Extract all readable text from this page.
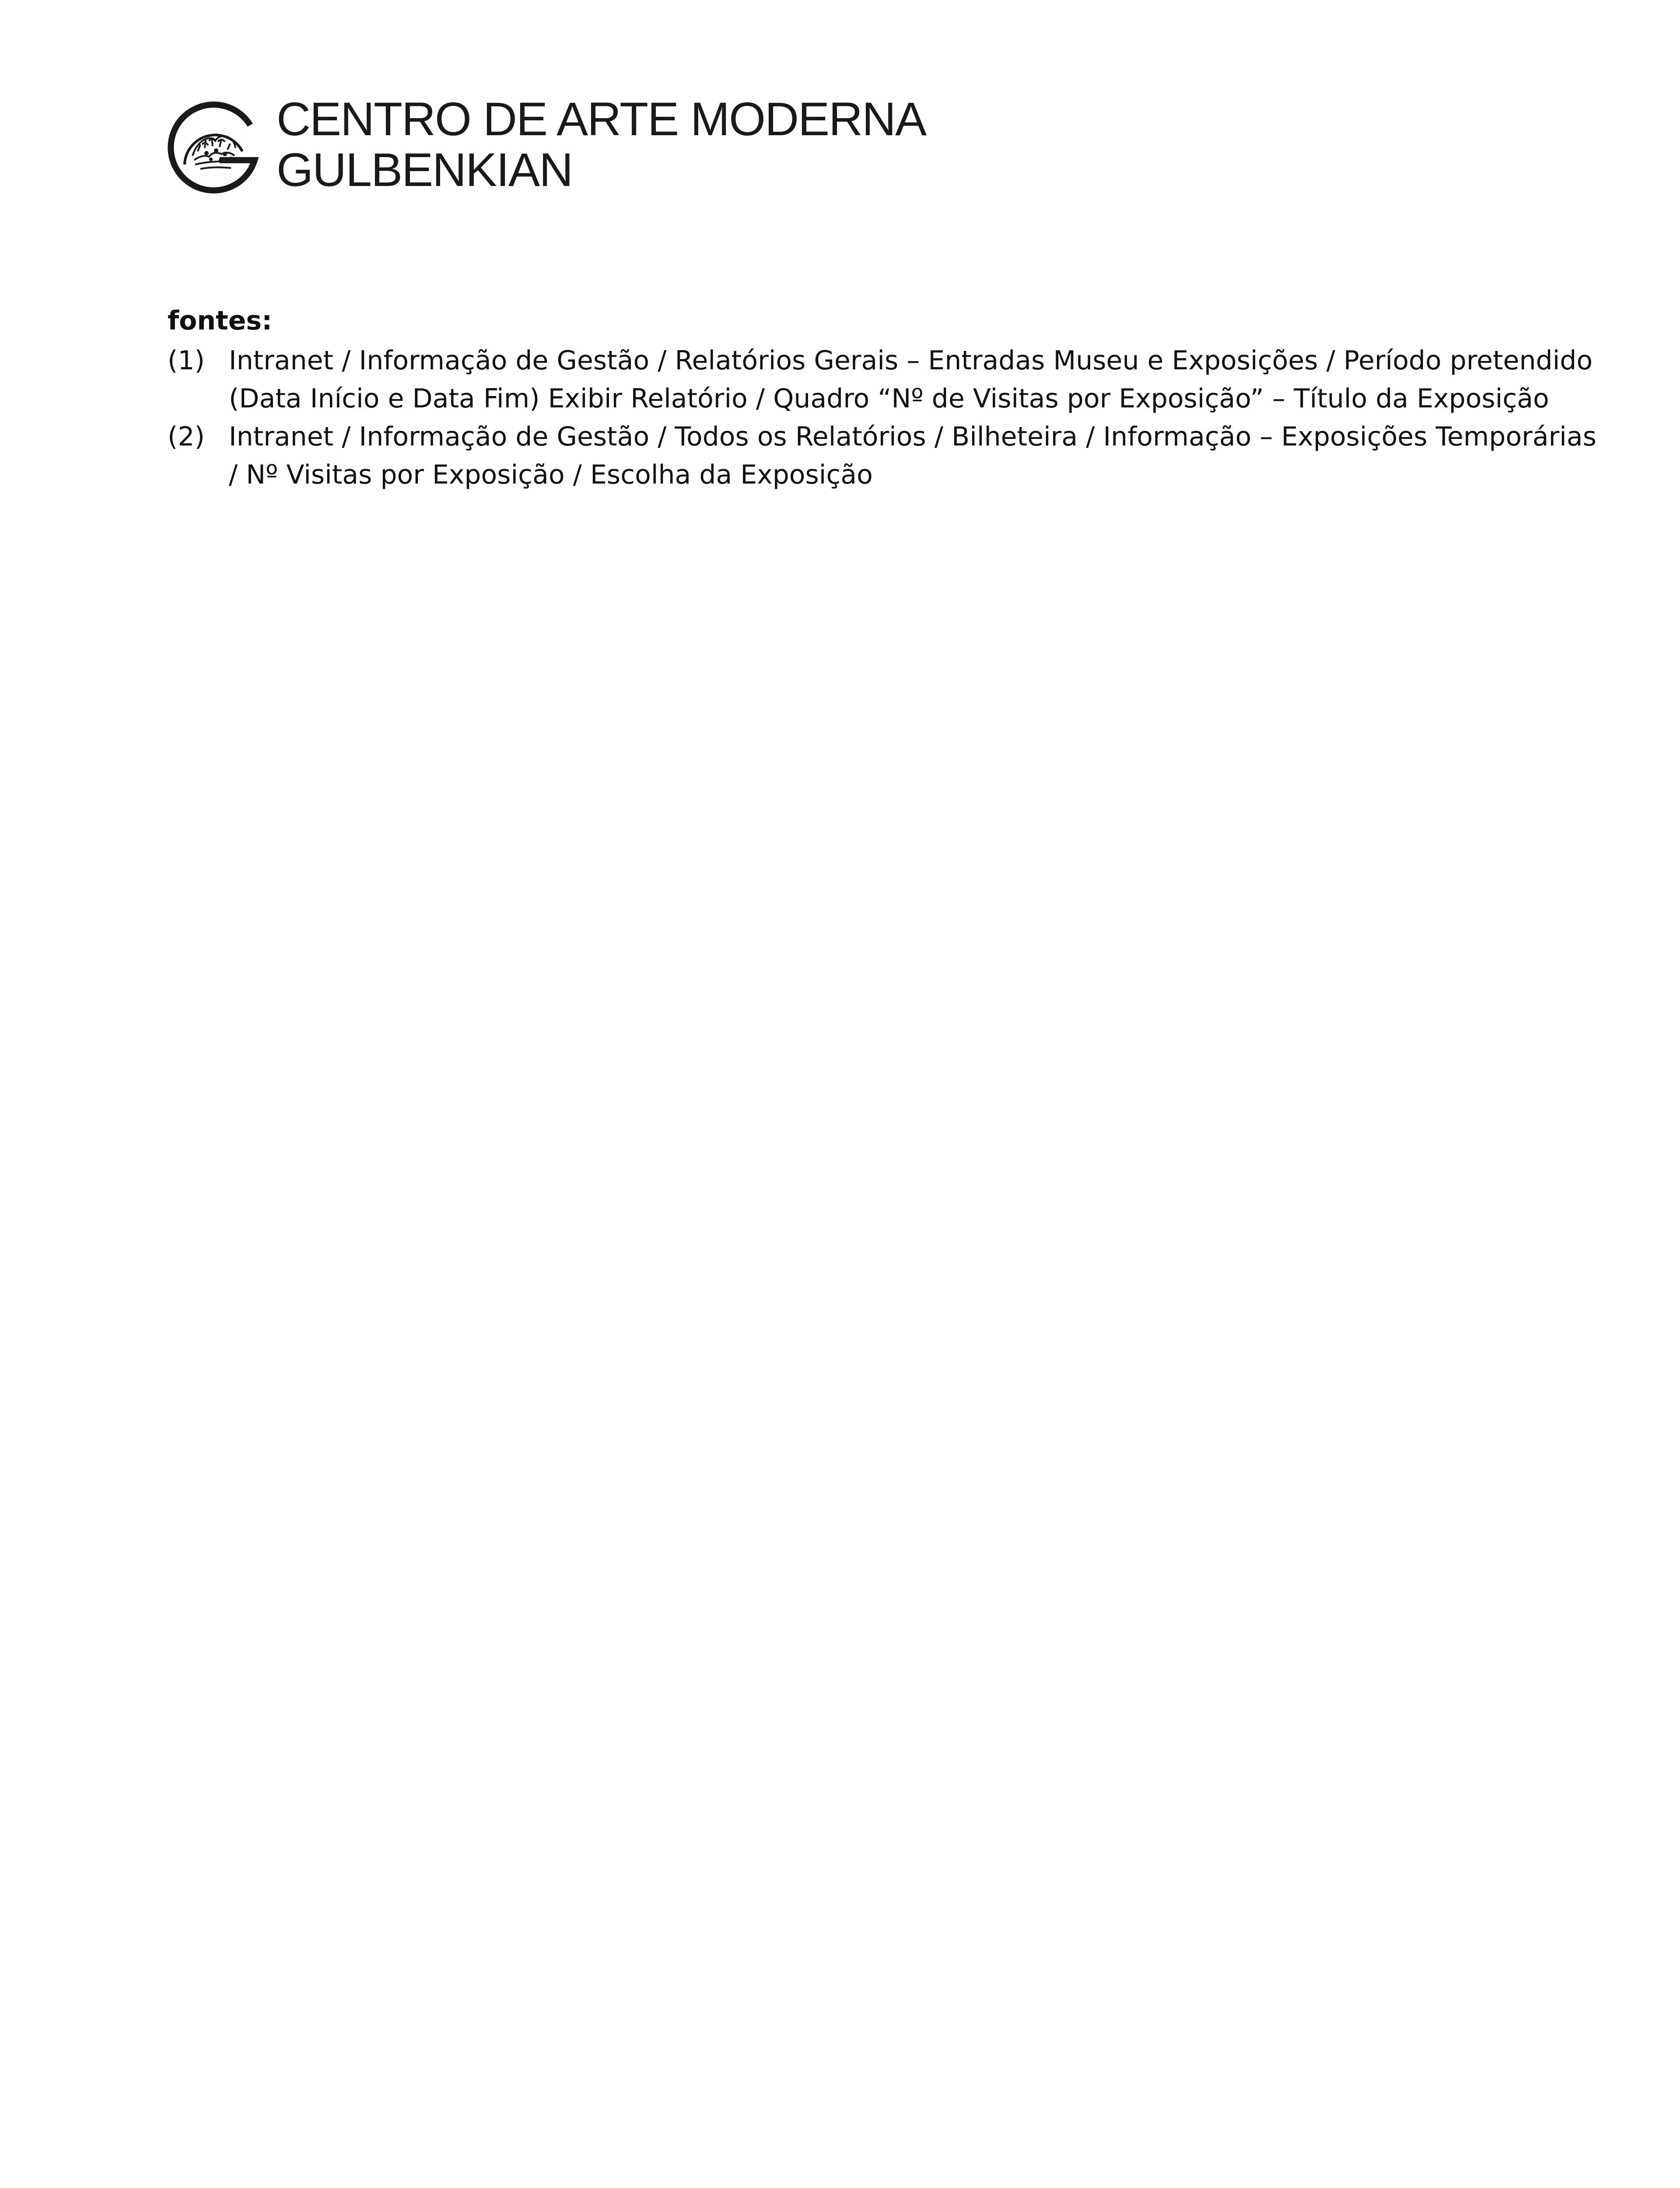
CENTRO DE ARTE MODERNA
GULBENKIAN
fontes:
(1) Intranet / Informação de Gestão / Relatórios Gerais – Entradas Museu e Exposições / Período pretendido
(Data Início e Data Fim) Exibir Relatório / Quadro “Nº de Visitas por Exposição” – Título da Exposição
(2) Intranet / Informação de Gestão / Todos os Relatórios / Bilheteira / Informação – Exposições Temporárias
/ Nº Visitas por Exposição / Escolha da Exposição
